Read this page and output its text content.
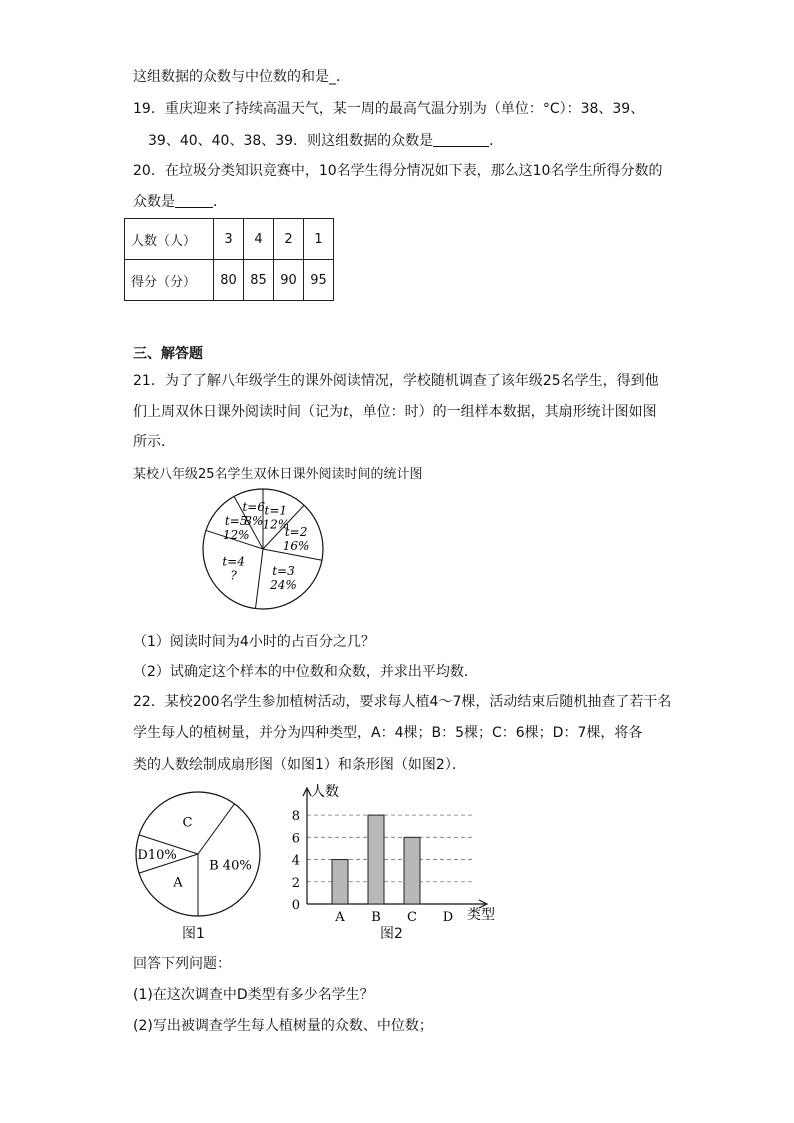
这组数据的众数与中位数的和是_．
19．重庆迎来了持续高温天气，某一周的最高气温分别为（单位：°C）：38、39、
39、40、40、38、39．则这组数据的众数是	．
20．在垃圾分类知识竞赛中，10名学生得分情况如下表，那么这10名学生所得分数的
众数是	．
人数（人）	3	4	2	1
得分（分）	80	85	90	95
三、解答题
21．为了了解八年级学生的课外阅读情况，学校随机调查了该年级25名学生，得到他
们上周双休日课外阅读时间（记为t，单位：时）的一组样本数据，其扇形统计图如图
所示．
某校八年级25名学生双休日课外阅读时间的统计图
t=1
12%
t=2
16%
t=3
24%
t=4
?
t=5
12%
t=6
8%
（1）阅读时间为4小时的占百分之几？
（2）试确定这个样本的中位数和众数，并求出平均数．
22．某校200名学生参加植树活动，要求每人植4～7棵，活动结束后随机抽查了若干名
学生每人的植树量，并分为四种类型，A：4棵；B：5棵；C：6棵；D：7棵，将各
类的人数绘制成扇形图（如图1）和条形图（如图2）．
C
B 40%
A
D10%
图1
0
2
4
6
8
人数
类型
A B C D
图2
回答下列问题：
(1)在这次调查中D类型有多少名学生？
(2)写出被调查学生每人植树量的众数、中位数；
